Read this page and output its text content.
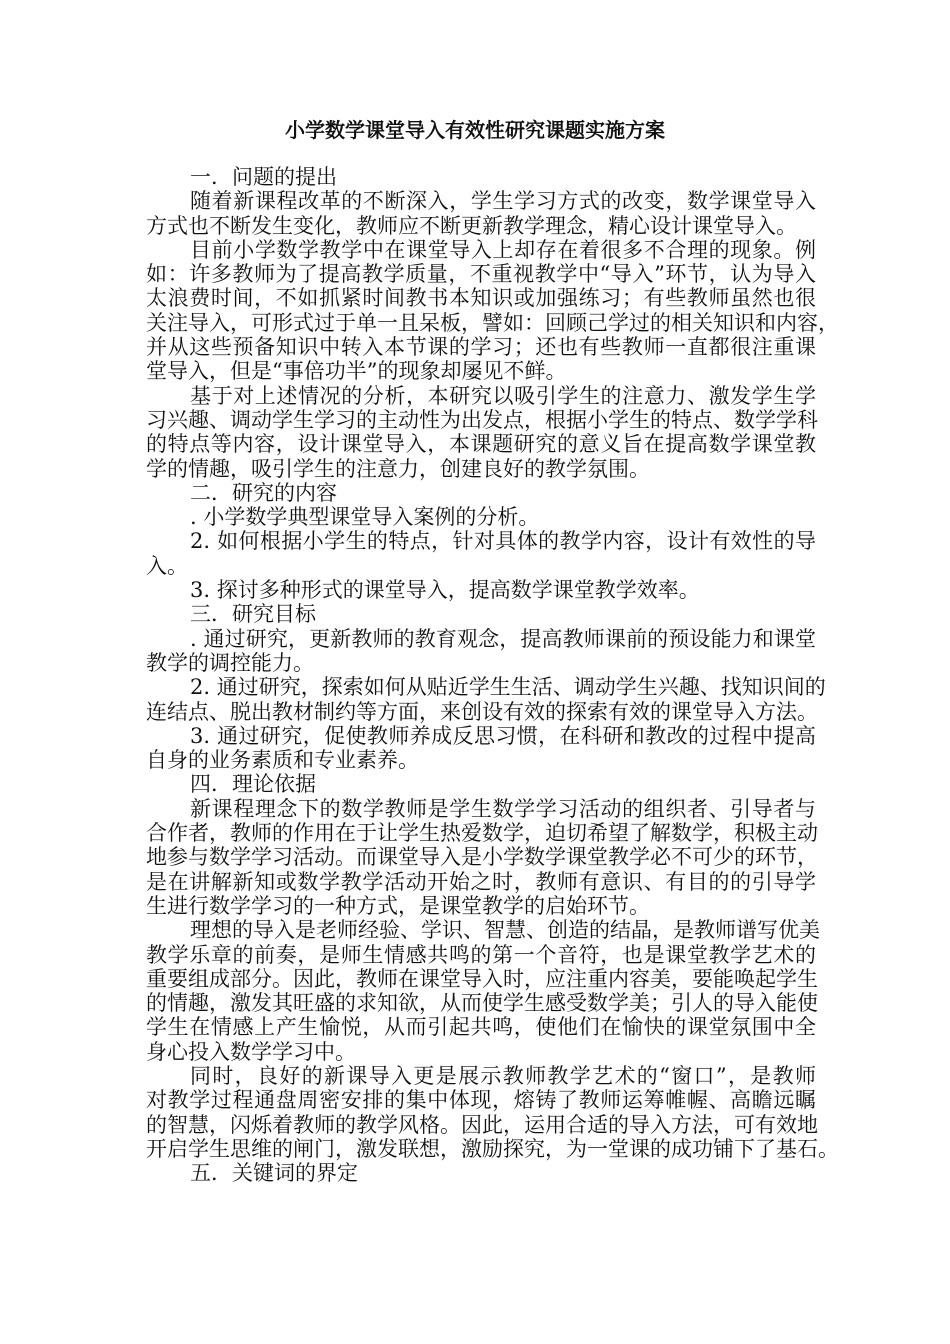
小学数学课堂导入有效性研究课题实施方案
一．问题的提出
随着新课程改革的不断深入，学生学习方式的改变，数学课堂导入
方式也不断发生变化，教师应不断更新教学理念，精心设计课堂导入。
目前小学数学教学中在课堂导入上却存在着很多不合理的现象。例
如：许多教师为了提高教学质量，不重视教学中“导入”环节，认为导入
太浪费时间，不如抓紧时间教书本知识或加强练习；有些教师虽然也很
关注导入，可形式过于单一且呆板，譬如：回顾己学过的相关知识和内容，
并从这些预备知识中转入本节课的学习；还也有些教师一直都很注重课
堂导入，但是“事倍功半”的现象却屡见不鲜。
基于对上述情况的分析，本研究以吸引学生的注意力、激发学生学
习兴趣、调动学生学习的主动性为出发点，根据小学生的特点、数学学科
的特点等内容，设计课堂导入，本课题研究的意义旨在提高数学课堂教
学的情趣，吸引学生的注意力，创建良好的教学氛围。
二．研究的内容
. 小学数学典型课堂导入案例的分析。
2. 如何根据小学生的特点，针对具体的教学内容，设计有效性的导
入。
3. 探讨多种形式的课堂导入，提高数学课堂教学效率。
三．研究目标
. 通过研究，更新教师的教育观念，提高教师课前的预设能力和课堂
教学的调控能力。
2. 通过研究，探索如何从贴近学生生活、调动学生兴趣、找知识间的
连结点、脱出教材制约等方面，来创设有效的探索有效的课堂导入方法。
3. 通过研究，促使教师养成反思习惯，在科研和教改的过程中提高
自身的业务素质和专业素养。
四．理论依据
新课程理念下的数学教师是学生数学学习活动的组织者、引导者与
合作者，教师的作用在于让学生热爱数学，迫切希望了解数学，积极主动
地参与数学学习活动。而课堂导入是小学数学课堂教学必不可少的环节，
是在讲解新知或数学教学活动开始之时，教师有意识、有目的的引导学
生进行数学学习的一种方式，是课堂教学的启始环节。
理想的导入是老师经验、学识、智慧、创造的结晶，是教师谱写优美
教学乐章的前奏，是师生情感共鸣的第一个音符，也是课堂教学艺术的
重要组成部分。因此，教师在课堂导入时，应注重内容美，要能唤起学生
的情趣，激发其旺盛的求知欲，从而使学生感受数学美；引人的导入能使
学生在情感上产生愉悦，从而引起共鸣，使他们在愉快的课堂氛围中全
身心投入数学学习中。
同时，良好的新课导入更是展示教师教学艺术的“窗口”，是教师
对教学过程通盘周密安排的集中体现，熔铸了教师运筹帷幄、高瞻远瞩
的智慧，闪烁着教师的教学风格。因此，运用合适的导入方法，可有效地
开启学生思维的闸门，激发联想，激励探究，为一堂课的成功铺下了基石。
五．关键词的界定
